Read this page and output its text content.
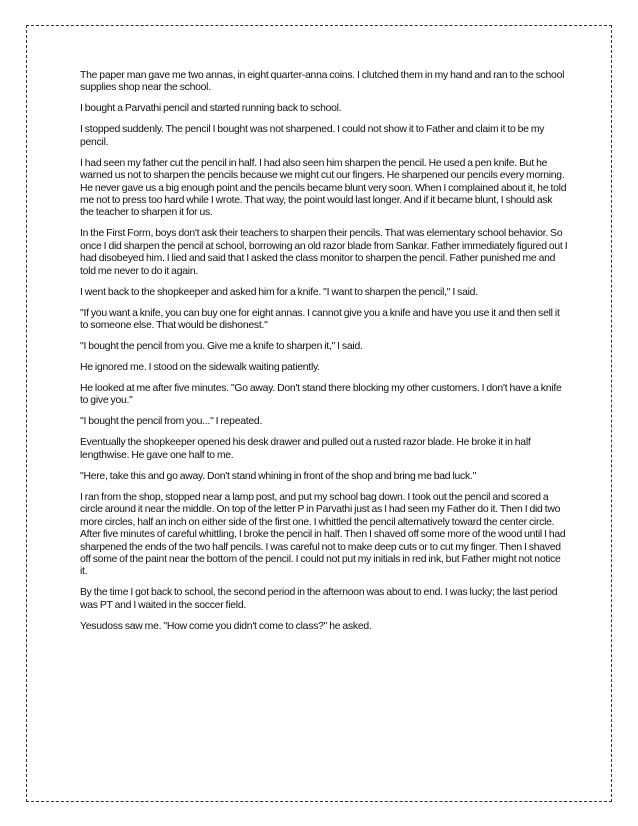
The paper man gave me two annas, in eight quarter-anna coins. I clutched them in my hand and ran to the school supplies shop near the school.

I bought a Parvathi pencil and started running back to school.

I stopped suddenly. The pencil I bought was not sharpened. I could not show it to Father and claim it to be my pencil.

I had seen my father cut the pencil in half. I had also seen him sharpen the pencil. He used a pen knife. But he warned us not to sharpen the pencils because we might cut our fingers. He sharpened our pencils every morning. He never gave us a big enough point and the pencils became blunt very soon. When I complained about it, he told me not to press too hard while I wrote. That way, the point would last longer. And if it became blunt, I should ask the teacher to sharpen it for us.

In the First Form, boys don't ask their teachers to sharpen their pencils. That was elementary school behavior. So once I did sharpen the pencil at school, borrowing an old razor blade from Sankar. Father immediately figured out I had disobeyed him. I lied and said that I asked the class monitor to sharpen the pencil. Father punished me and told me never to do it again.

I went back to the shopkeeper and asked him for a knife. "I want to sharpen the pencil," I said.

"If you want a knife, you can buy one for eight annas. I cannot give you a knife and have you use it and then sell it to someone else. That would be dishonest."

"I bought the pencil from you. Give me a knife to sharpen it," I said.

He ignored me. I stood on the sidewalk waiting patiently.

He looked at me after five minutes. "Go away. Don't stand there blocking my other customers. I don't have a knife to give you."

"I bought the pencil from you..." I repeated.

Eventually the shopkeeper opened his desk drawer and pulled out a rusted razor blade. He broke it in half lengthwise. He gave one half to me.

"Here, take this and go away. Don't stand whining in front of the shop and bring me bad luck."

I ran from the shop, stopped near a lamp post, and put my school bag down. I took out the pencil and scored a circle around it near the middle. On top of the letter P in Parvathi just as I had seen my Father do it. Then I did two more circles, half an inch on either side of the first one. I whittled the pencil alternatively toward the center circle. After five minutes of careful whittling, I broke the pencil in half. Then I shaved off some more of the wood until I had sharpened the ends of the two half pencils. I was careful not to make deep cuts or to cut my finger. Then I shaved off some of the paint near the bottom of the pencil. I could not put my initials in red ink, but Father might not notice it.

By the time I got back to school, the second period in the afternoon was about to end. I was lucky; the last period was PT and I waited in the soccer field.

Yesudoss saw me. "How come you didn't come to class?" he asked.
